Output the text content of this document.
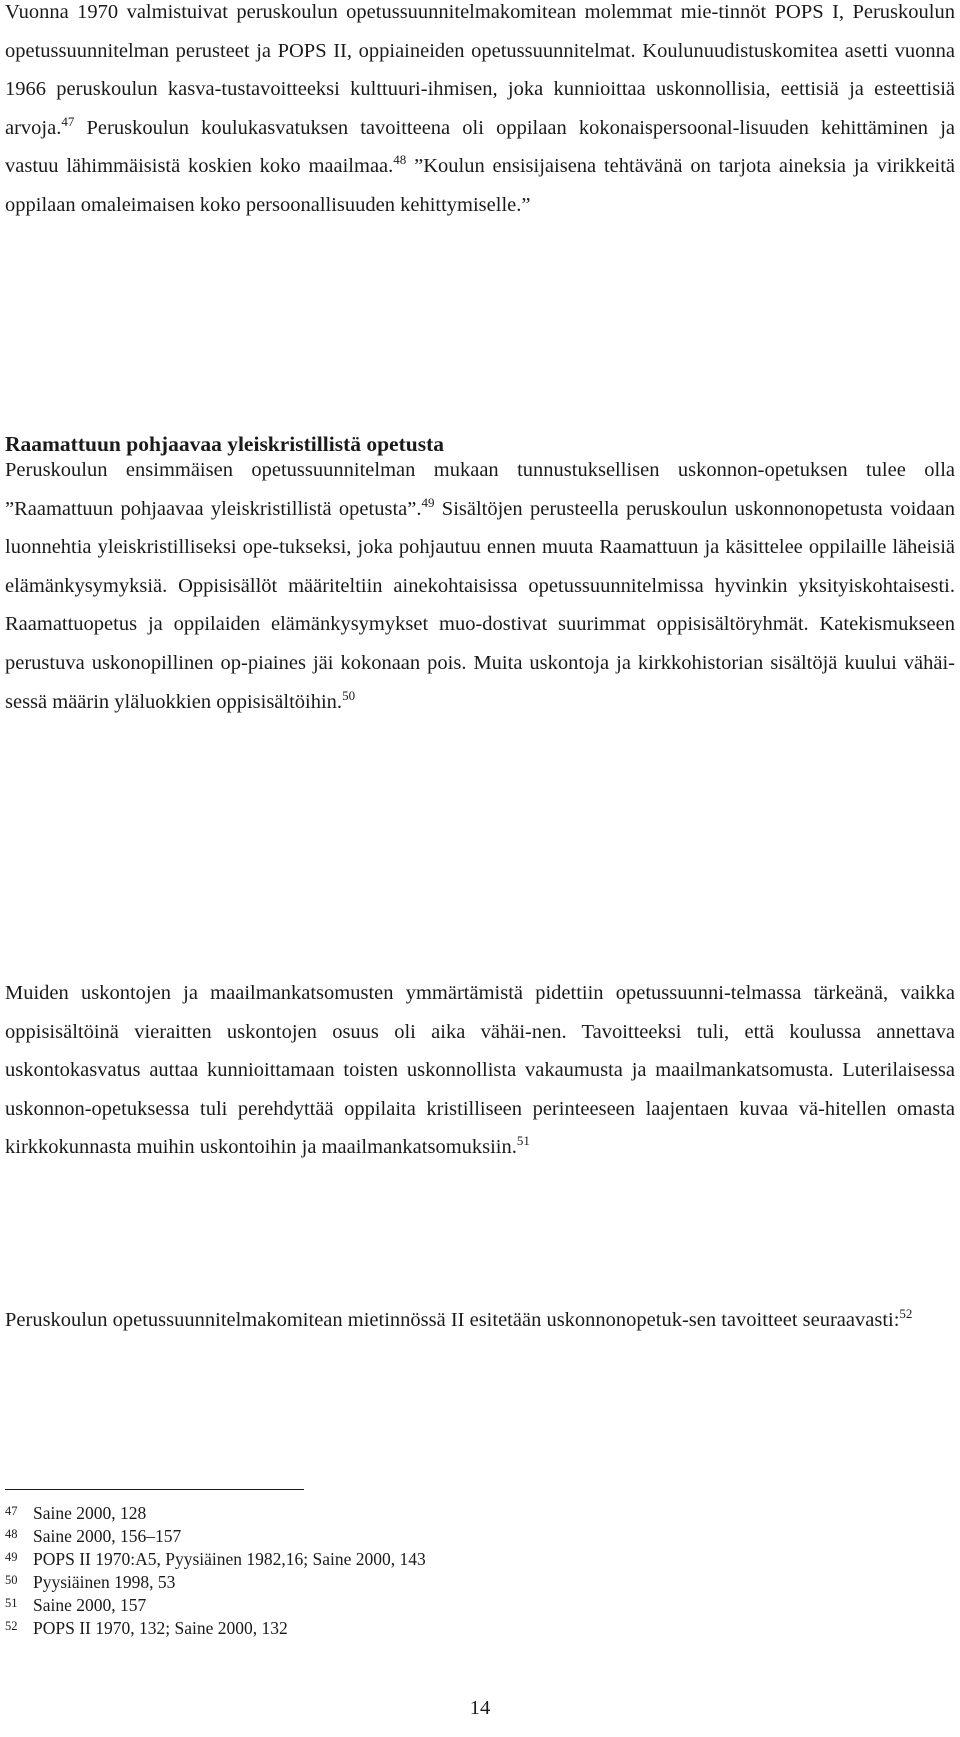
Vuonna 1970 valmistuivat peruskoulun opetussuunnitelmakomitean molemmat mie-tinnöt POPS I, Peruskoulun opetussuunnitelman perusteet ja POPS II, oppiaineiden opetussuunnitelmat. Koulunuudistuskomitea asetti vuonna 1966 peruskoulun kasva-tustavoitteeksi kulttuuri-ihmisen, joka kunnioittaa uskonnollisia, eettisiä ja esteettisiä arvoja.$^{47}$ Peruskoulun koulukasvatuksen tavoitteena oli oppilaan kokonaispersoonal-lisuuden kehittäminen ja vastuu lähimmäisistä koskien koko maailmaa.$^{48}$ ”Koulun ensisijaisena tehtävänä on tarjota aineksia ja virikkeitä oppilaan omaleimaisen koko persoonallisuuden kehittymiselle.”

Raamattuun pohjaavaa yleiskristillistä opetusta

Peruskoulun ensimmäisen opetussuunnitelman mukaan tunnustuksellisen uskonnon-opetuksen tulee olla ”Raamattuun pohjaavaa yleiskristillistä opetusta”.$^{49}$ Sisältöjen perusteella peruskoulun uskonnonopetusta voidaan luonnehtia yleiskristilliseksi ope-tukseksi, joka pohjautuu ennen muuta Raamattuun ja käsittelee oppilaille läheisiä elämänkysymyksiä. Oppisisällöt määriteltiin ainekohtaisissa opetussuunnitelmissa hyvinkin yksityiskohtaisesti. Raamattuopetus ja oppilaiden elämänkysymykset muo-dostivat suurimmat oppisisältöryhmät. Katekismukseen perustuva uskonopillinen op-piaines jäi kokonaan pois. Muita uskontoja ja kirkkohistorian sisältöjä kuului vähäi-sessä määrin yläluokkien oppisisältöihin.$^{50}$

Muiden uskontojen ja maailmankatsomusten ymmärtämistä pidettiin opetussuunni-telmassa tärkeänä, vaikka oppisisältöinä vieraitten uskontojen osuus oli aika vähäi-nen. Tavoitteeksi tuli, että koulussa annettava uskontokasvatus auttaa kunnioittamaan toisten uskonnollista vakaumusta ja maailmankatsomusta. Luterilaisessa uskonnon-opetuksessa tuli perehdyttää oppilaita kristilliseen perinteeseen laajentaen kuvaa vä-hitellen omasta kirkkokunnasta muihin uskontoihin ja maailmankatsomuksiin.$^{51}$

Peruskoulun opetussuunnitelmakomitean mietinnössä II esitetään uskonnonopetuk-sen tavoitteet seuraavasti:$^{52}$

47 Saine 2000, 128
48 Saine 2000, 156–157
49 POPS II 1970:A5, Pyysiäinen 1982,16; Saine 2000, 143
50 Pyysiäinen 1998, 53
51 Saine 2000, 157
52 POPS II 1970, 132; Saine 2000, 132
14
